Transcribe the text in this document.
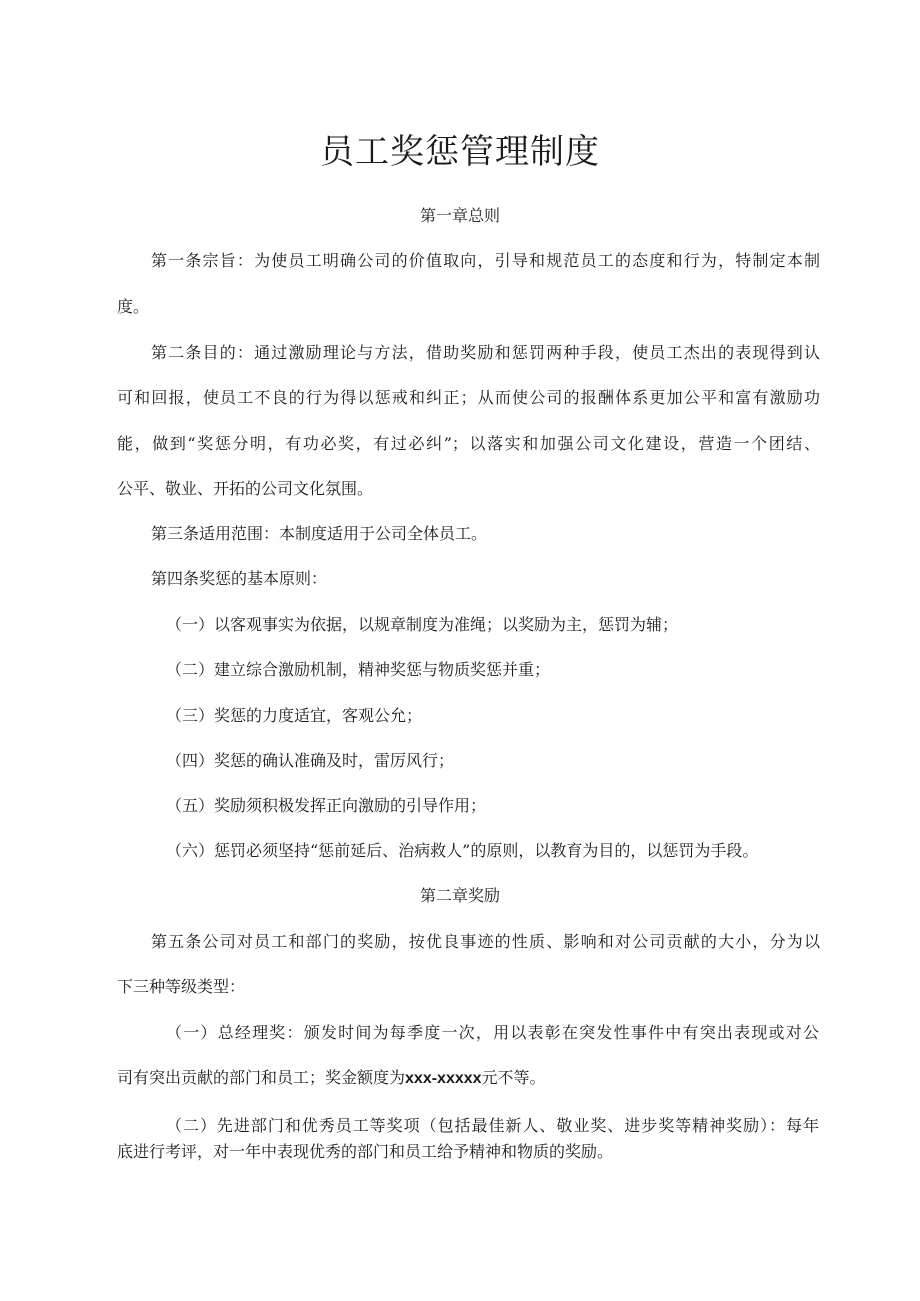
员工奖惩管理制度

第一章总则

第一条宗旨：为使员工明确公司的价值取向，引导和规范员工的态度和行为，特制定本制

度。

第二条目的：通过激励理论与方法，借助奖励和惩罚两种手段，使员工杰出的表现得到认

可和回报，使员工不良的行为得以惩戒和纠正；从而使公司的报酬体系更加公平和富有激励功

能，做到“奖惩分明，有功必奖，有过必纠”；以落实和加强公司文化建设，营造一个团结、

公平、敬业、开拓的公司文化氛围。

第三条适用范围：本制度适用于公司全体员工。

第四条奖惩的基本原则：

（一）以客观事实为依据，以规章制度为准绳；以奖励为主，惩罚为辅；

（二）建立综合激励机制，精神奖惩与物质奖惩并重；

（三）奖惩的力度适宜，客观公允；

（四）奖惩的确认准确及时，雷厉风行；

（五）奖励须积极发挥正向激励的引导作用；

（六）惩罚必须坚持“惩前延后、治病救人”的原则，以教育为目的，以惩罚为手段。

第二章奖励

第五条公司对员工和部门的奖励，按优良事迹的性质、影响和对公司贡献的大小，分为以

下三种等级类型：

（一）总经理奖：颁发时间为每季度一次，用以表彰在突发性事件中有突出表现或对公

司有突出贡献的部门和员工；奖金额度为xxx-xxxxx元不等。

（二）先进部门和优秀员工等奖项（包括最佳新人、敬业奖、进步奖等精神奖励）：每年

底进行考评，对一年中表现优秀的部门和员工给予精神和物质的奖励。
